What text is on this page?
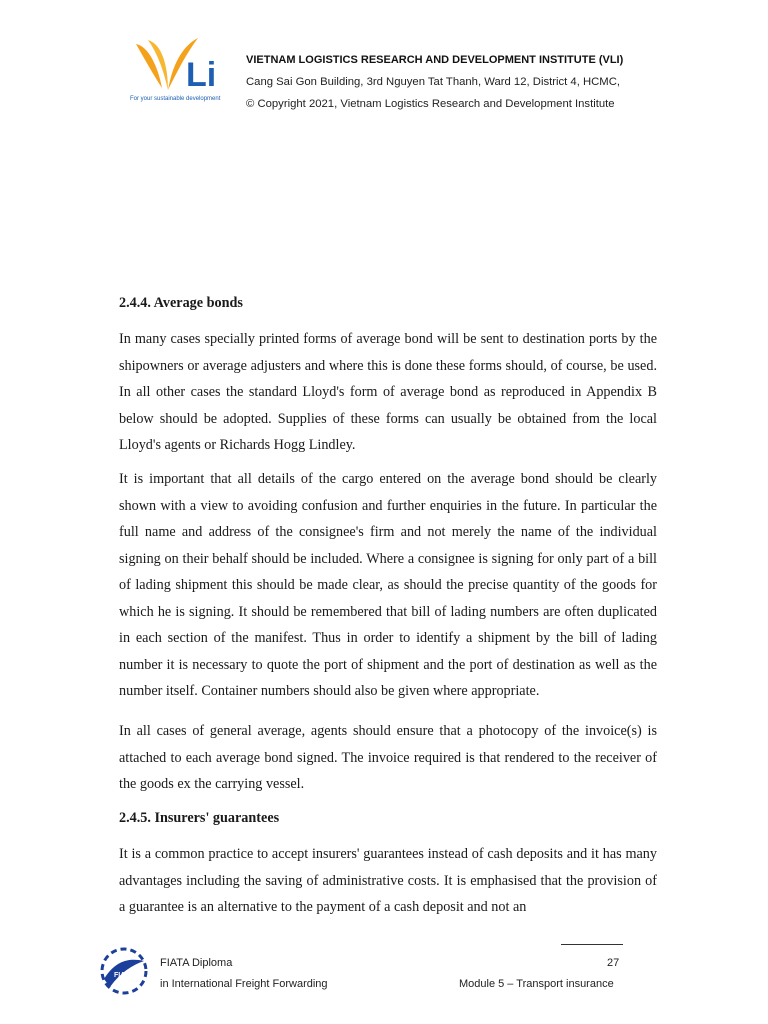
Li
For your sustainable development
VIETNAM LOGISTICS RESEARCH AND DEVELOPMENT INSTITUTE (VLI)
Cang Sai Gon Building, 3rd Nguyen Tat Thanh, Ward 12, District 4, HCMC,
© Copyright 2021, Vietnam Logistics Research and Development Institute

2.4.4. Average bonds

In many cases specially printed forms of average bond will be sent to destination ports by the shipowners or average adjusters and where this is done these forms should, of course, be used. In all other cases the standard Lloyd's form of average bond as reproduced in Appendix B below should be adopted. Supplies of these forms can usually be obtained from the local Lloyd's agents or Richards Hogg Lindley.

It is important that all details of the cargo entered on the average bond should be clearly shown with a view to avoiding confusion and further enquiries in the future. In particular the full name and address of the consignee's firm and not merely the name of the individual signing on their behalf should be included. Where a consignee is signing for only part of a bill of lading shipment this should be made clear, as should the precise quantity of the goods for which he is signing. It should be remembered that bill of lading numbers are often duplicated in each section of the manifest. Thus in order to identify a shipment by the bill of lading number it is necessary to quote the port of shipment and the port of destination as well as the number itself. Container numbers should also be given where appropriate.

In all cases of general average, agents should ensure that a photocopy of the invoice(s) is attached to each average bond signed. The invoice required is that rendered to the receiver of the goods ex the carrying vessel.

2.4.5. Insurers' guarantees

It is a common practice to accept insurers' guarantees instead of cash deposits and it has many advantages including the saving of administrative costs. It is emphasised that the provision of a guarantee is an alternative to the payment of a cash deposit and not an

FIATA
FIATA Diploma
in International Freight Forwarding
27
Module 5 – Transport insurance
